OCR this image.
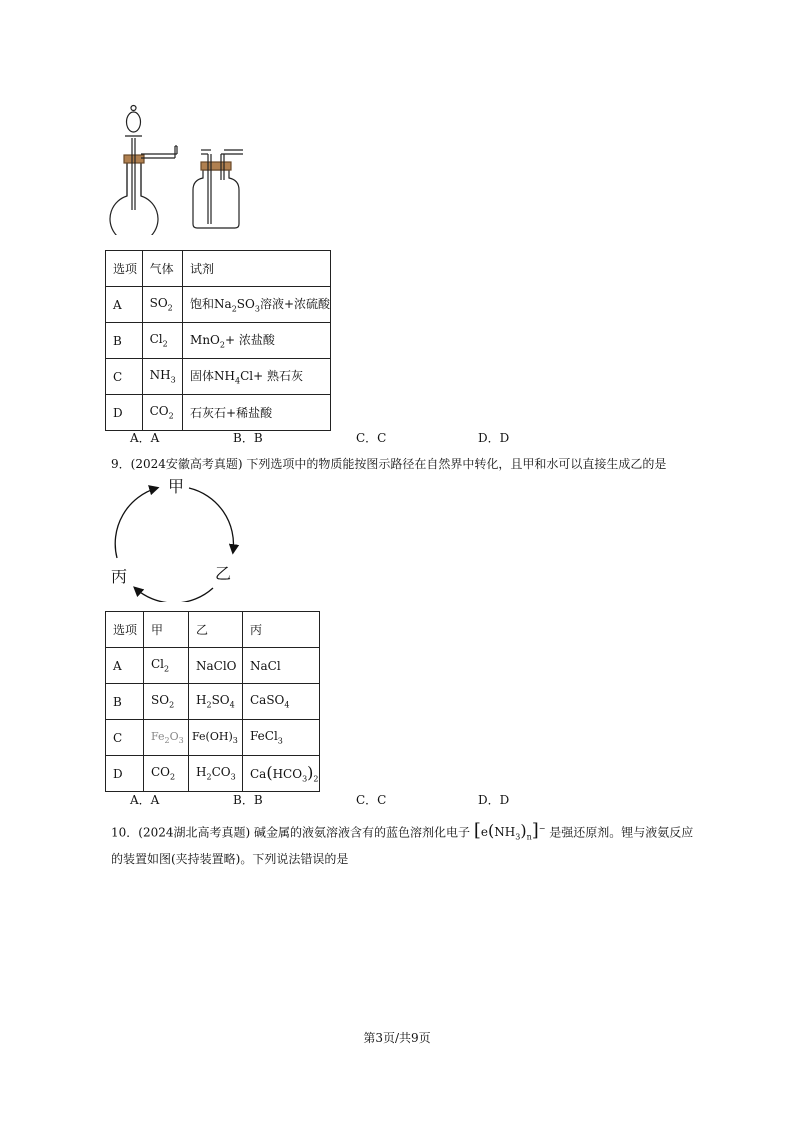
选项	气体	试剂
A	$SO_2$	饱和$Na_2SO_3$溶液+浓硫酸
B	$Cl_2$	MnO$_2$+ 浓盐酸
C	$NH_3$	固体$NH_4Cl+$ 熟石灰
D	$CO_2$	石灰石+稀盐酸
A．A	B．B	C．C	D．D
9．(2024安徽高考真题) 下列选项中的物质能按图示路径在自然界中转化，且甲和水可以直接生成乙的是
甲
乙
丙
选项	甲	乙	丙
A	$Cl_2$	NaClO	NaCl
B	$SO_2$	$H_2SO_4$	CaSO$_4$
C	$Fe_2O_3$	$Fe(OH)_3$	FeCl$_3$
D	$CO_2$	$H_2CO_3$	$Ca(HCO_3)_2$
A．A	B．B	C．C	D．D
10．(2024湖北高考真题) 碱金属的液氨溶液含有的蓝色溶剂化电子 $[e(NH_3)_n]^-$ 是强还原剂。锂与液氨反应
的装置如图(夹持装置略)。下列说法错误的是
第3页/共9页
